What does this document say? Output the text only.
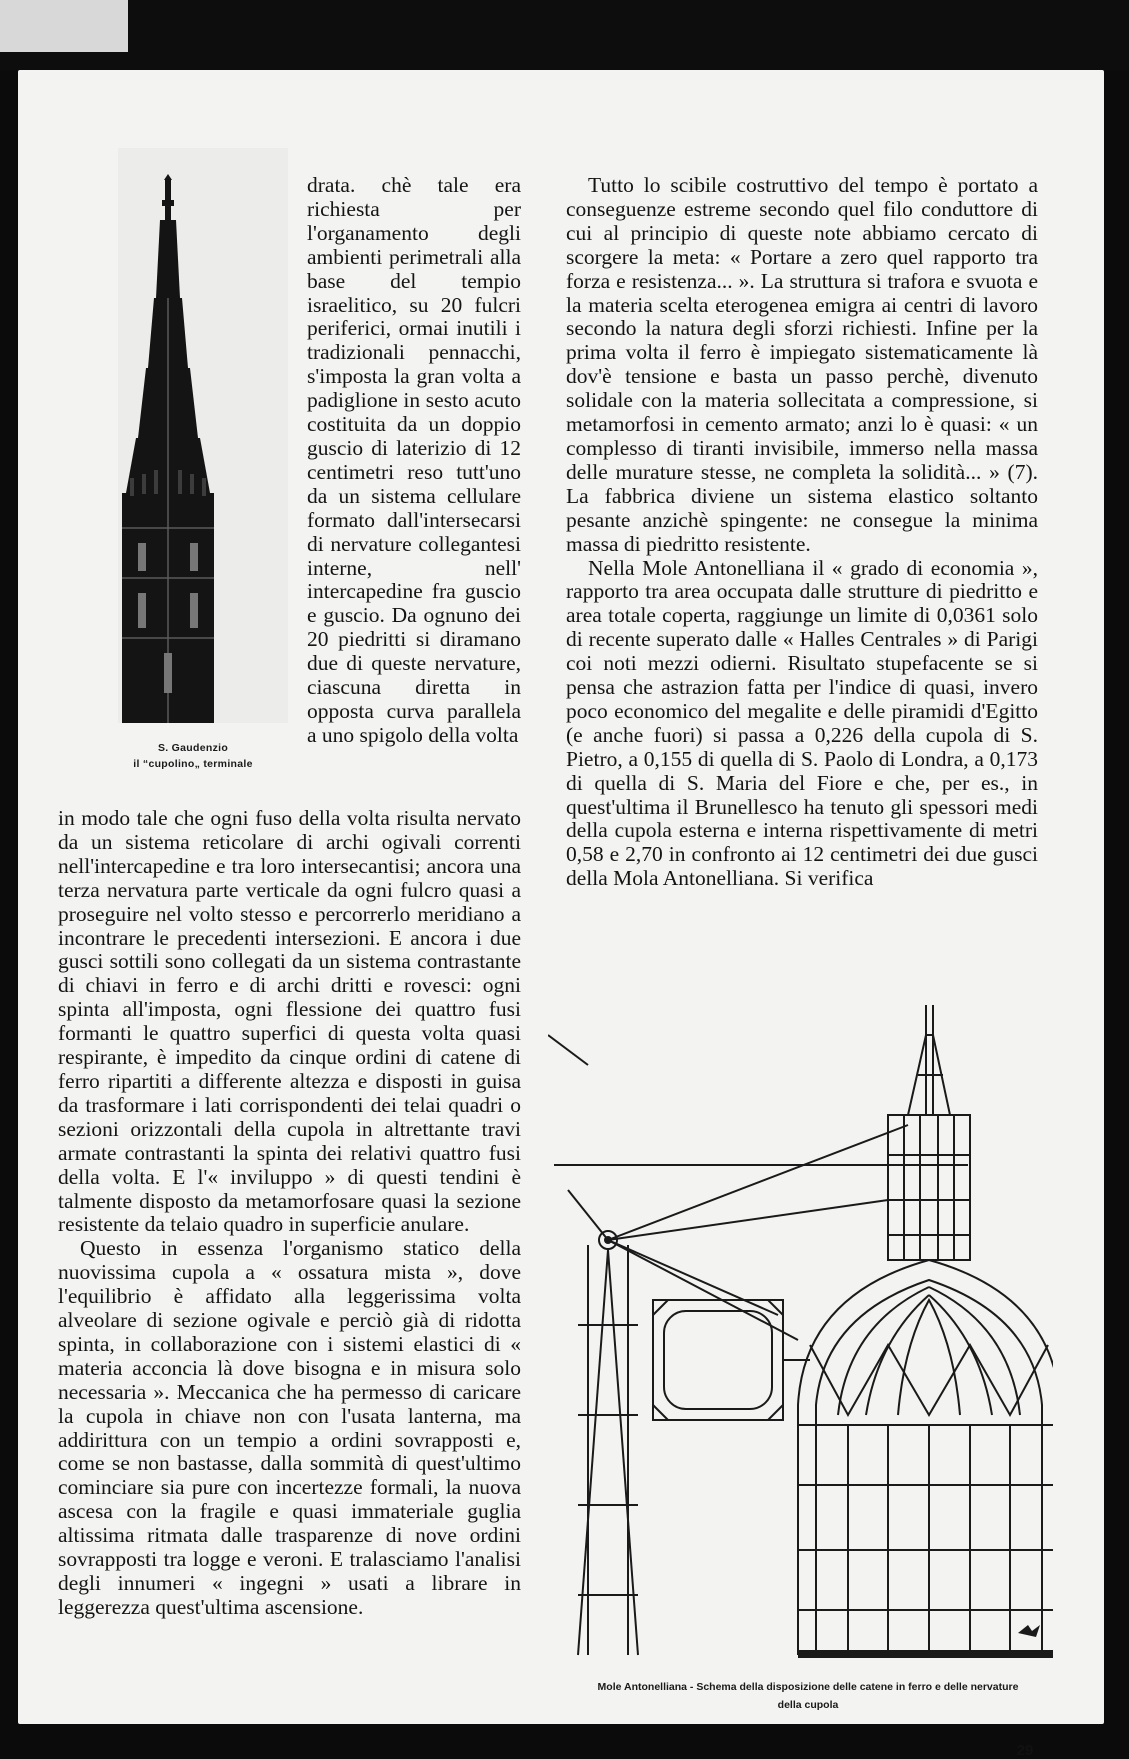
S. Gaudenzio
il “cupolino„ terminale

drata. chè tale era richiesta per l'organamento degli ambienti perimetrali alla base del tempio israelitico, su 20 fulcri periferici, ormai inutili i tradizionali pennacchi, s'imposta la gran volta a padiglione in sesto acuto costituita da un doppio guscio di laterizio di 12 centimetri reso tutt'uno da un sistema cellulare formato dall'intersecarsi di nervature collegantesi interne, nell' intercapedine fra guscio e guscio. Da ognuno dei 20 piedritti si diramano due di queste nervature, ciascuna diretta in opposta curva parallela a uno spigolo della volta

in modo tale che ogni fuso della volta risulta nervato da un sistema reticolare di archi ogivali correnti nell'intercapedine e tra loro intersecantisi; ancora una terza nervatura parte verticale da ogni fulcro quasi a proseguire nel volto stesso e percorrerlo meridiano a incontrare le precedenti intersezioni. E ancora i due gusci sottili sono collegati da un sistema contrastante di chiavi in ferro e di archi dritti e rovesci: ogni spinta all'imposta, ogni flessione dei quattro fusi formanti le quattro superfici di questa volta quasi respirante, è impedito da cinque ordini di catene di ferro ripartiti a differente altezza e disposti in guisa da trasformare i lati corrispondenti dei telai quadri o sezioni orizzontali della cupola in altrettante travi armate contrastanti la spinta dei relativi quattro fusi della volta. E l'« inviluppo » di questi tendini è talmente disposto da metamorfosare quasi la sezione resistente da telaio quadro in superficie anulare.

Questo in essenza l'organismo statico della nuovissima cupola a « ossatura mista », dove l'equilibrio è affidato alla leggerissima volta alveolare di sezione ogivale e perciò già di ridotta spinta, in collaborazione con i sistemi elastici di « materia acconcia là dove bisogna e in misura solo necessaria ». Meccanica che ha permesso di caricare la cupola in chiave non con l'usata lanterna, ma addirittura con un tempio a ordini sovrapposti e, come se non bastasse, dalla sommità di quest'ultimo cominciare sia pure con incertezze formali, la nuova ascesa con la fragile e quasi immateriale guglia altissima ritmata dalle trasparenze di nove ordini sovrapposti tra logge e veroni. E tralasciamo l'analisi degli innumeri « ingegni » usati a librare in leggerezza quest'ultima ascensione.

Tutto lo scibile costruttivo del tempo è portato a conseguenze estreme secondo quel filo conduttore di cui al principio di queste note abbiamo cercato di scorgere la meta: « Portare a zero quel rapporto tra forza e resistenza... ». La struttura si trafora e svuota e la materia scelta eterogenea emigra ai centri di lavoro secondo la natura degli sforzi richiesti. Infine per la prima volta il ferro è impiegato sistematicamente là dov'è tensione e basta un passo perchè, divenuto solidale con la materia sollecitata a compressione, si metamorfosi in cemento armato; anzi lo è quasi: « un complesso di tiranti invisibile, immerso nella massa delle murature stesse, ne completa la solidità... » (7). La fabbrica diviene un sistema elastico soltanto pesante anzichè spingente: ne consegue la minima massa di piedritto resistente.

Nella Mole Antonelliana il « grado di economia », rapporto tra area occupata dalle strutture di piedritto e area totale coperta, raggiunge un limite di 0,0361 solo di recente superato dalle « Halles Centrales » di Parigi coi noti mezzi odierni. Risultato stupefacente se si pensa che astrazion fatta per l'indice di quasi, invero poco economico del megalite e delle piramidi d'Egitto (e anche fuori) si passa a 0,226 della cupola di S. Pietro, a 0,155 di quella di S. Paolo di Londra, a 0,173 di quella di S. Maria del Fiore e che, per es., in quest'ultima il Brunellesco ha tenuto gli spessori medi della cupola esterna e interna rispettivamente di metri 0,58 e 2,70 in confronto ai 12 centimetri dei due gusci della Mola Antonelliana. Si verifica

Mole Antonelliana - Schema della disposizione delle catene in ferro e delle nervature della cupola
29
